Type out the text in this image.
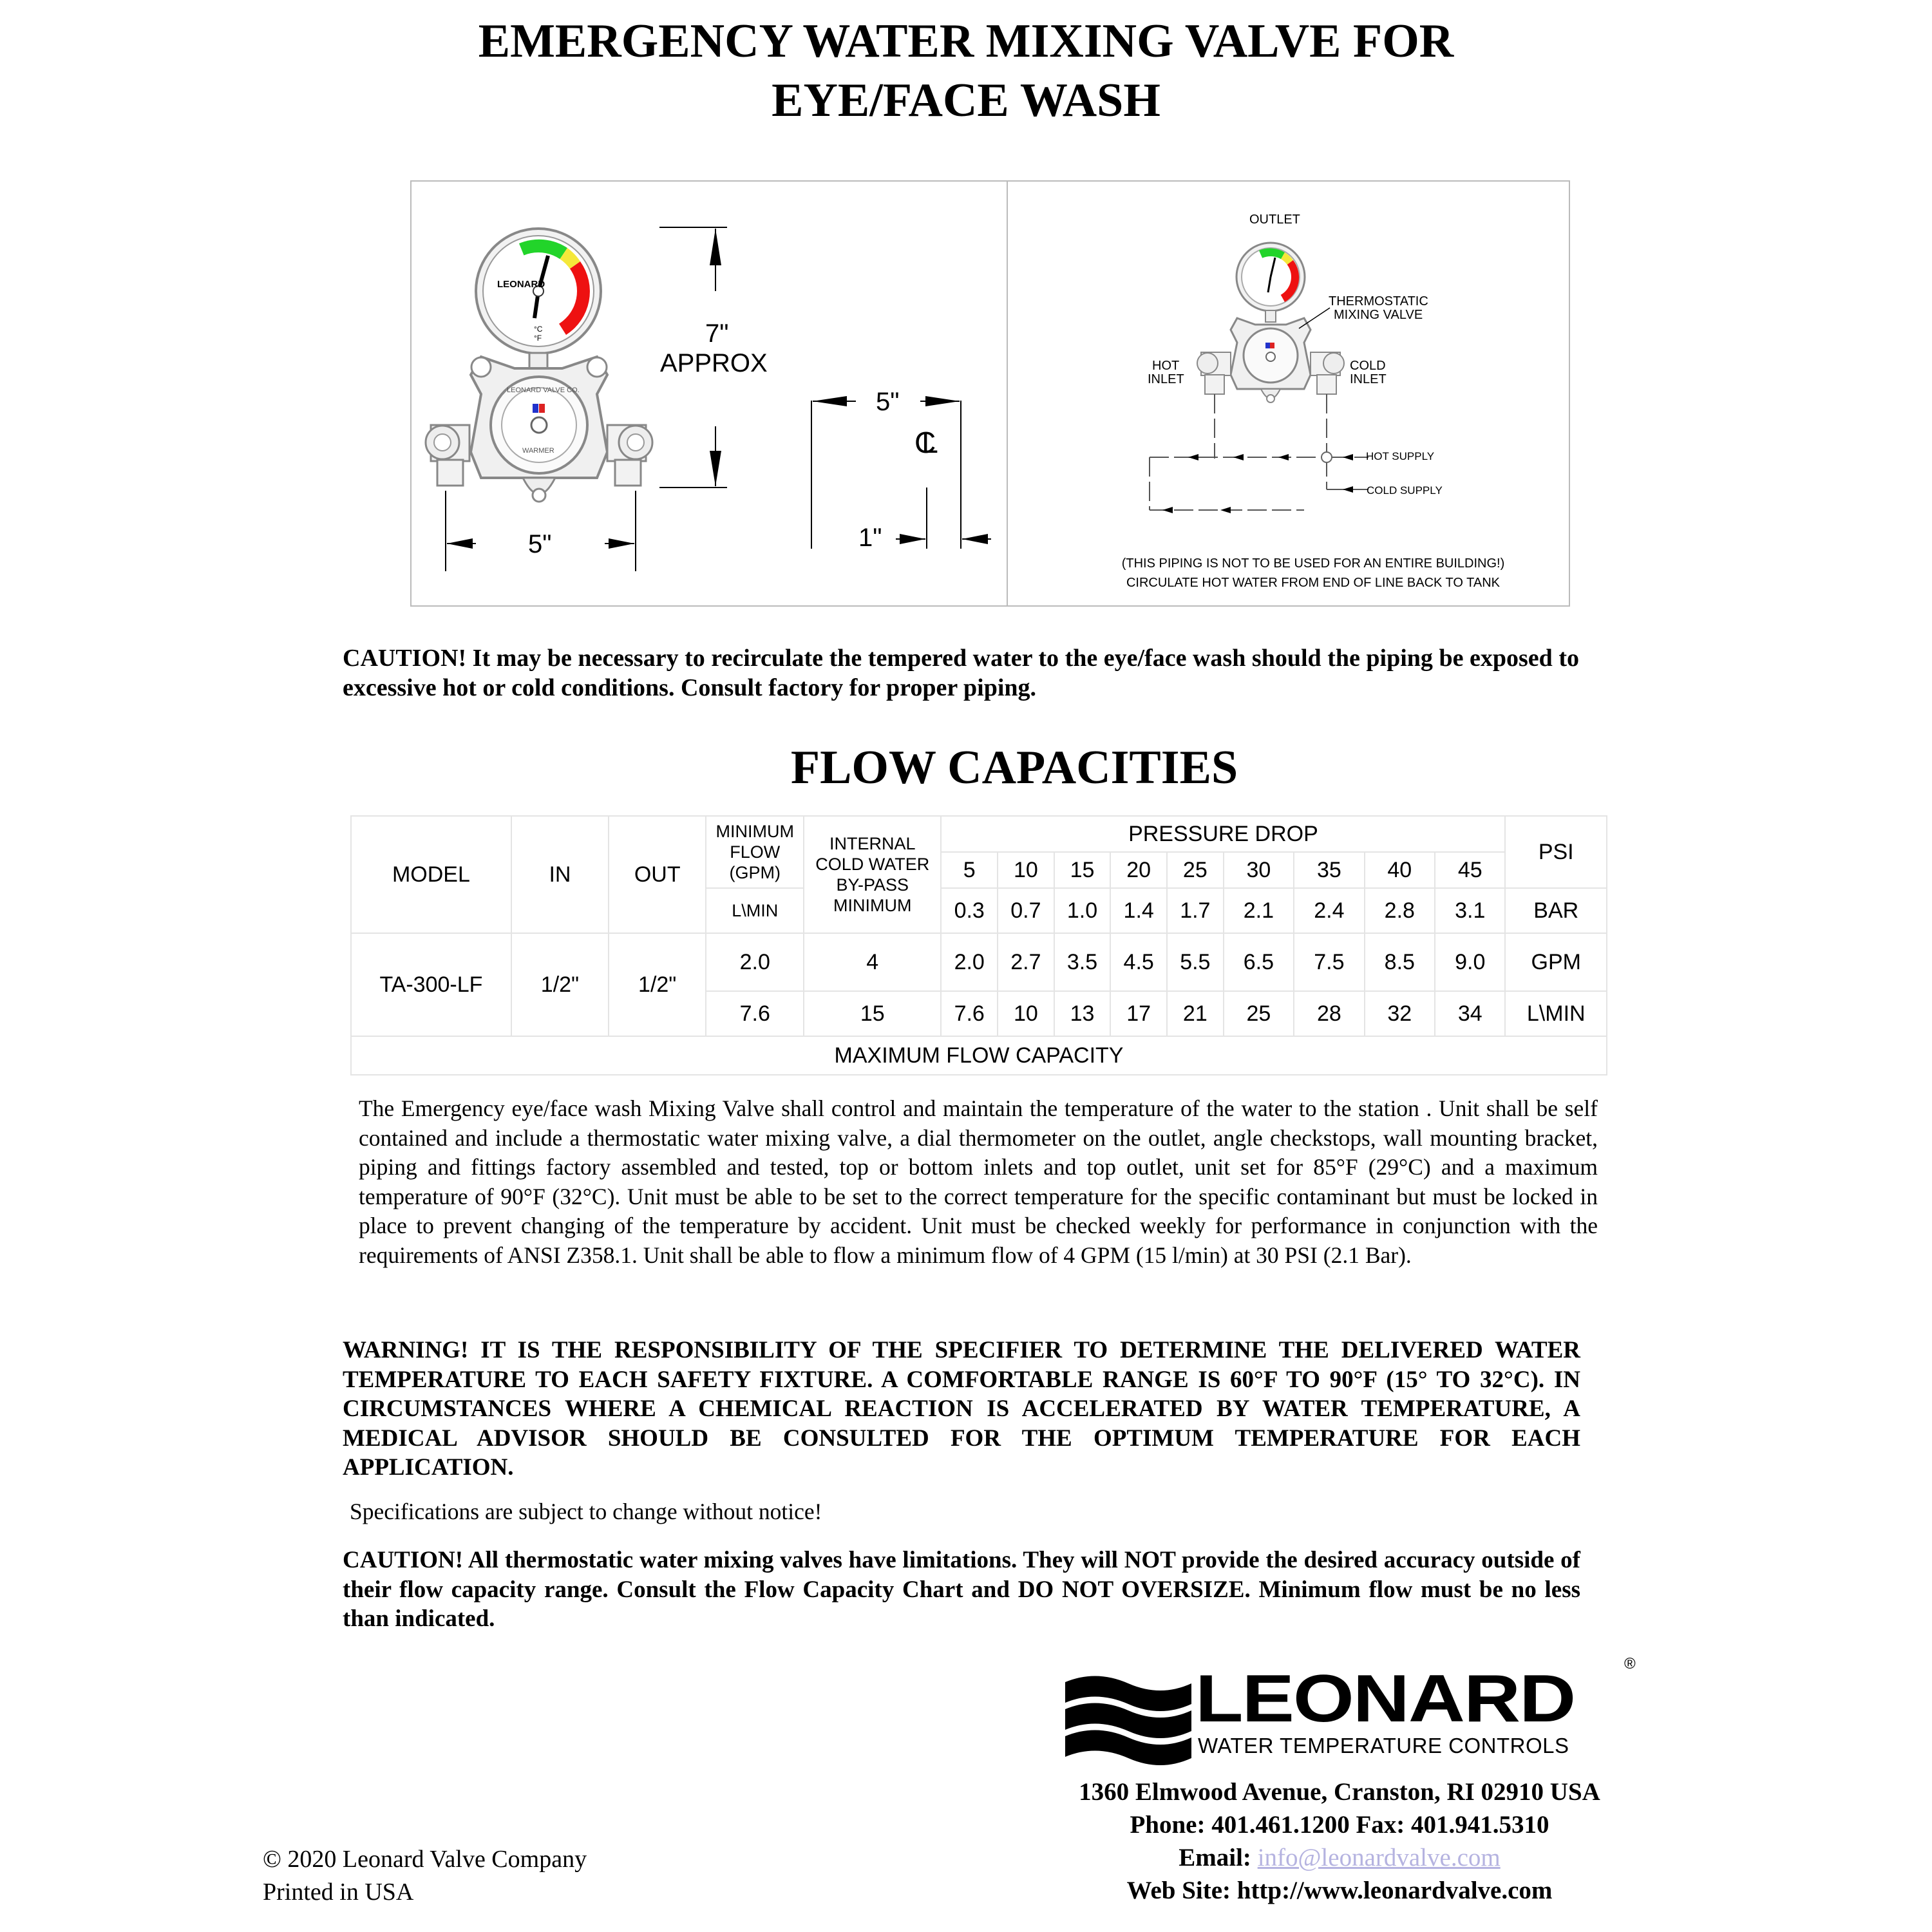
EMERGENCY WATER MIXING VALVE FOR
EYE/FACE WASH
LEONARD
°C
°F
LEONARD VALVE CO.
WARMER
7"
APPROX
5"
5"
1"
CL
OUTLET
THERMOSTATIC
MIXING VALVE
HOT
INLET
COLD
INLET
HOT SUPPLY
COLD SUPPLY
(THIS PIPING IS NOT TO BE USED FOR AN ENTIRE BUILDING!)
CIRCULATE HOT WATER FROM END OF LINE BACK TO TANK
CAUTION! It may be necessary to recirculate the tempered water to the eye/face wash should the piping be exposed to excessive hot or cold conditions. Consult factory for proper piping.
FLOW CAPACITIES
MODEL	IN	OUT	MINIMUM FLOW (GPM)	INTERNAL COLD WATER BY-PASS MINIMUM	PRESSURE DROP									PSI
					5	10	15	20	25	30	35	40	45	
			L\MIN		0.3	0.7	1.0	1.4	1.7	2.1	2.4	2.8	3.1	BAR
TA-300-LF	1/2"	1/2"	2.0	4	2.0	2.7	3.5	4.5	5.5	6.5	7.5	8.5	9.0	GPM
			7.6	15	7.6	10	13	17	21	25	28	32	34	L\MIN
MAXIMUM FLOW CAPACITY														
The Emergency eye/face wash Mixing Valve shall control and maintain the temperature of the water to the station . Unit shall be self contained and include a thermostatic water mixing valve, a dial thermometer on the outlet, angle checkstops, wall mounting bracket, piping and fittings factory assembled and tested, top or bottom inlets and top outlet, unit set for 85°F (29°C) and a maximum temperature of 90°F (32°C). Unit must be able to be set to the correct temperature for the specific contaminant but must be locked in place to prevent changing of the temperature by accident. Unit must be checked weekly for performance in conjunction with the requirements of ANSI Z358.1. Unit shall be able to flow a minimum flow of 4 GPM (15 l/min) at 30 PSI (2.1 Bar).
WARNING! IT IS THE RESPONSIBILITY OF THE SPECIFIER TO DETERMINE THE DELIVERED WATER TEMPERATURE TO EACH SAFETY FIXTURE. A COMFORTABLE RANGE IS 60°F TO 90°F (15° TO 32°C). IN CIRCUMSTANCES WHERE A CHEMICAL REACTION IS ACCELERATED BY WATER TEMPERATURE, A MEDICAL ADVISOR SHOULD BE CONSULTED FOR THE OPTIMUM TEMPERATURE FOR EACH APPLICATION.
Specifications are subject to change without notice!
CAUTION! All thermostatic water mixing valves have limitations. They will NOT provide the desired accuracy outside of their flow capacity range. Consult the Flow Capacity Chart and DO NOT OVERSIZE. Minimum flow must be no less than indicated.
LEONARD	®
WATER TEMPERATURE CONTROLS
1360 Elmwood Avenue, Cranston, RI 02910 USA
Phone: 401.461.1200 Fax: 401.941.5310
Email: info@leonardvalve.com
Web Site: http://www.leonardvalve.com
© 2020 Leonard Valve Company
Printed in USA
